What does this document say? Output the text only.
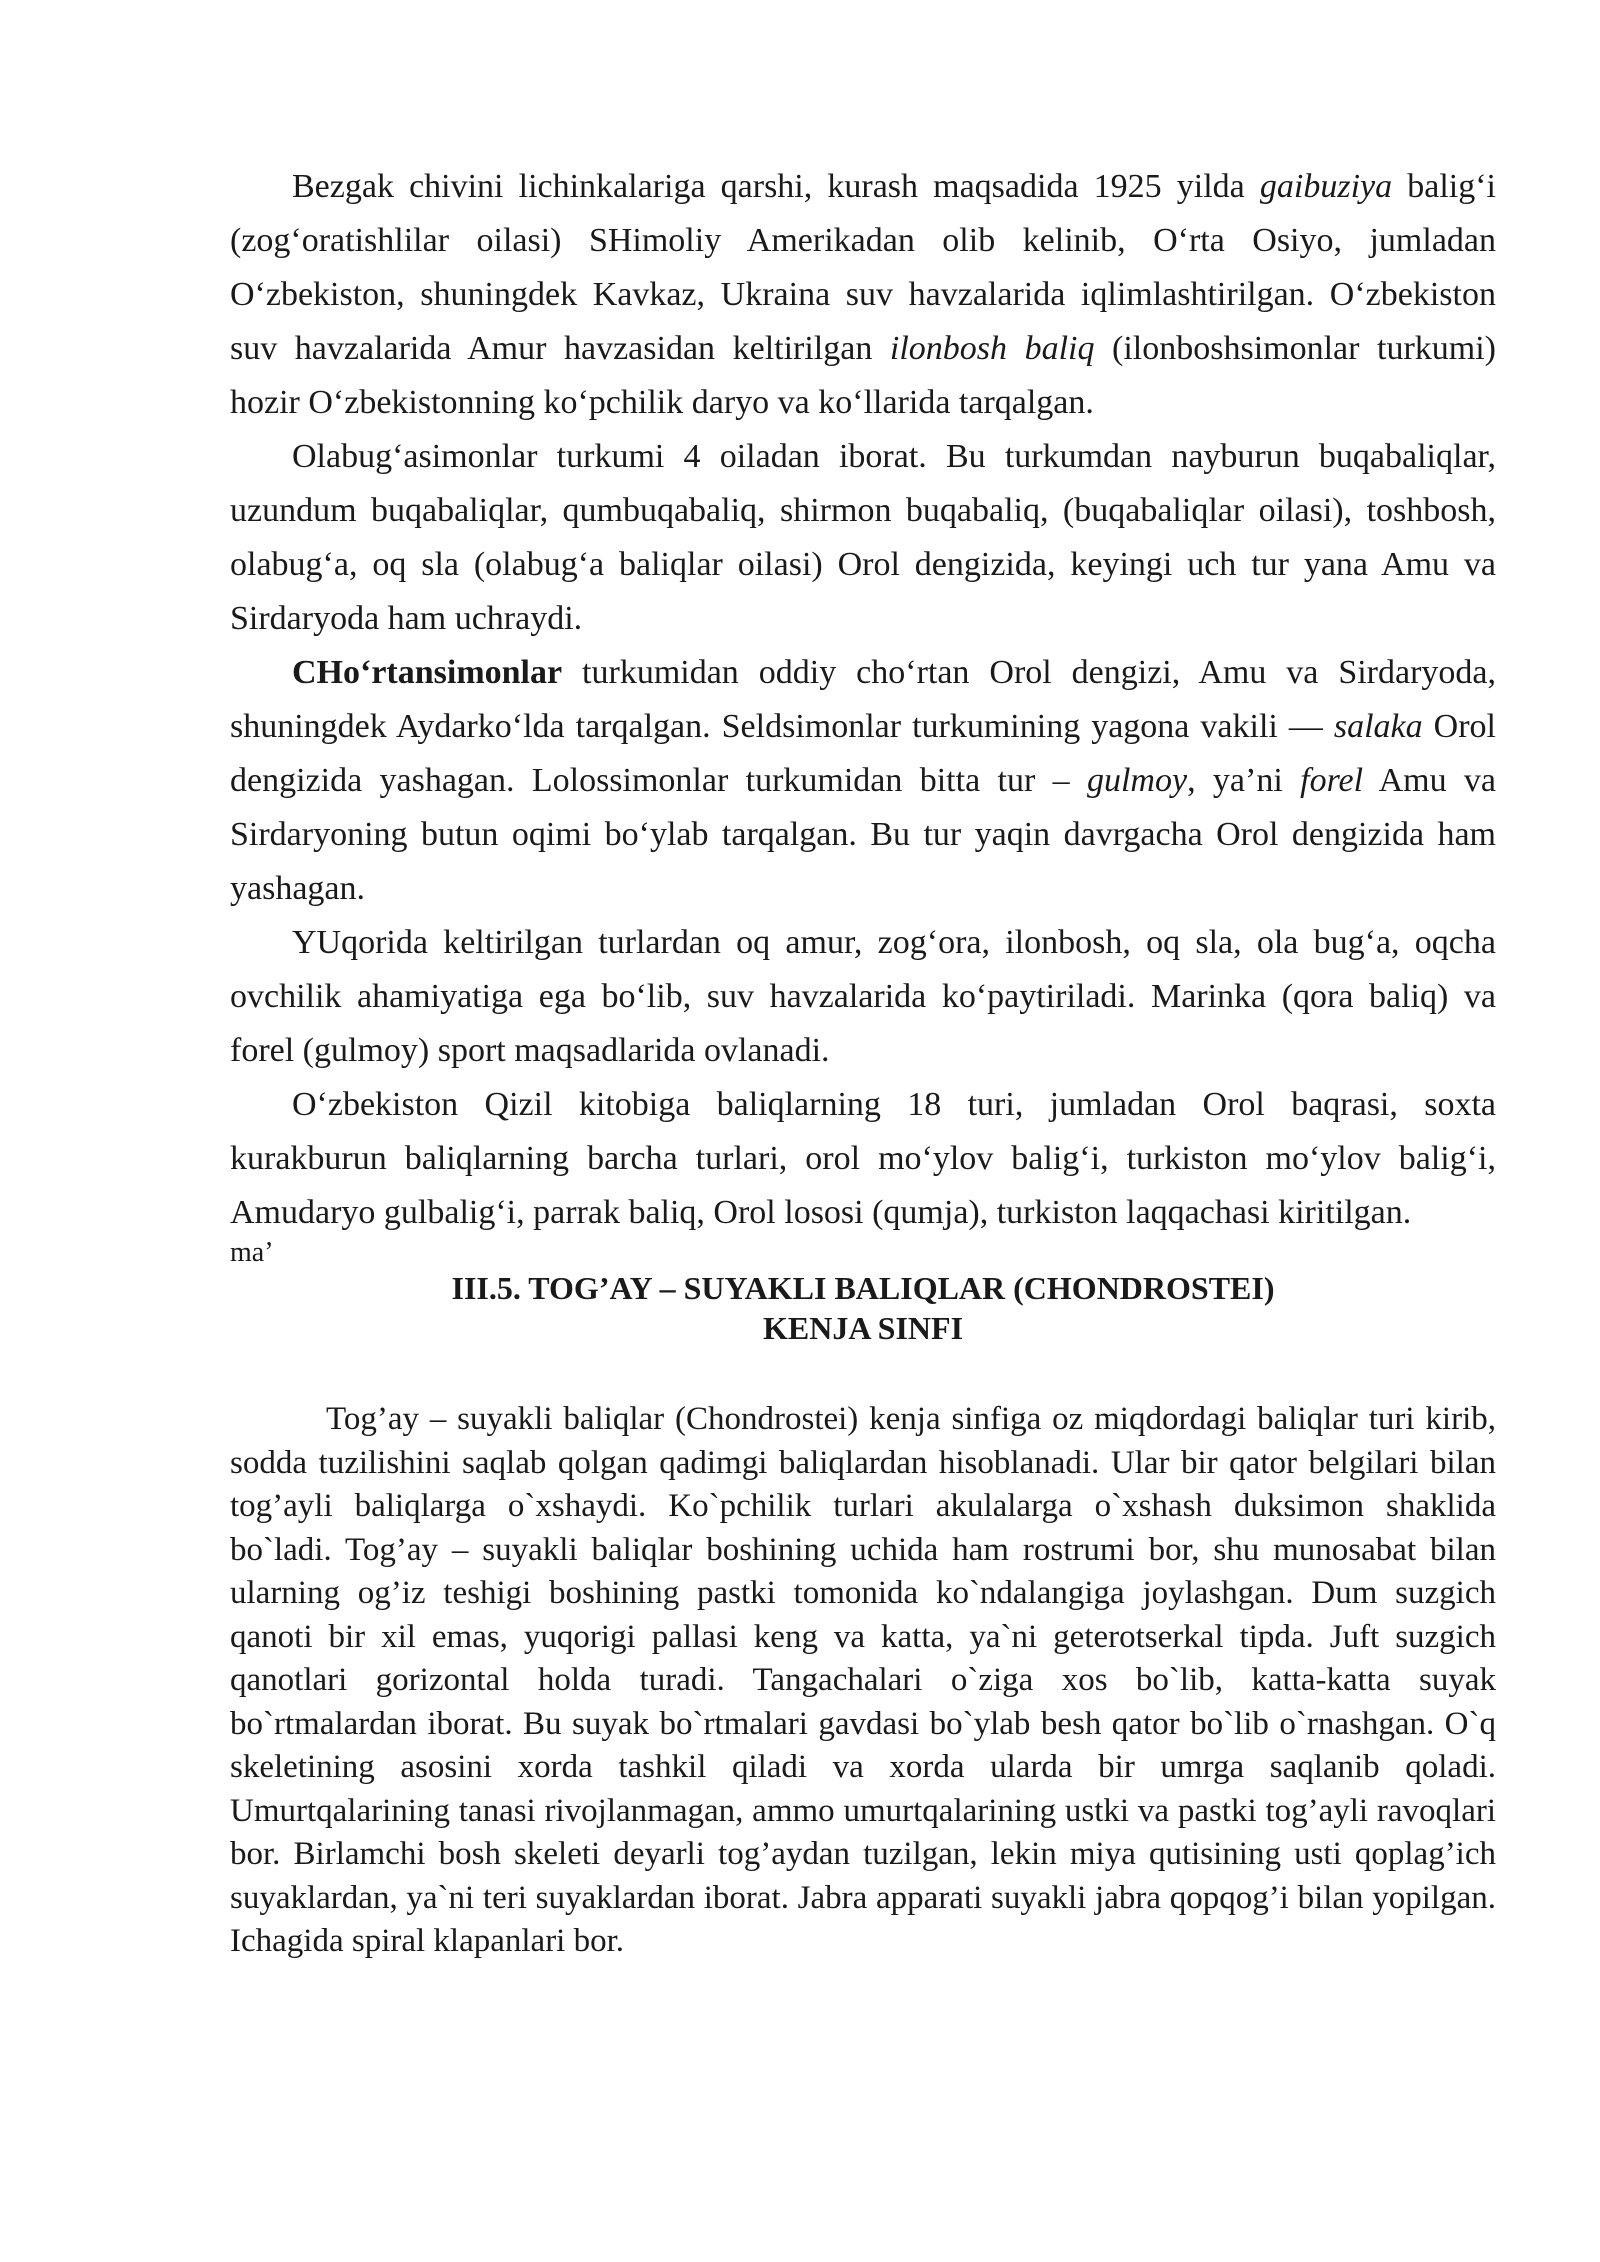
Bezgak chivini lichinkalariga qarshi, kurash maqsadida 1925 yilda gaibuziya balig‘i (zog‘oratishlilar oilasi) SHimoliy Amerikadan olib kelinib, O‘rta Osiyo, jumladan O‘zbekiston, shuningdek Kavkaz, Ukraina suv havzalarida iqlimlashtirilgan. O‘zbekiston suv havzalarida Amur havzasidan keltirilgan ilonbosh baliq (ilonboshsimonlar turkumi) hozir O‘zbekistonning ko‘pchilik daryo va ko‘llarida tarqalgan.

Olabug‘asimonlar turkumi 4 oiladan iborat. Bu turkumdan nayburun buqabaliqlar, uzundum buqabaliqlar, qumbuqabaliq, shirmon buqabaliq, (buqabaliqlar oilasi), toshbosh, olabug‘a, oq sla (olabug‘a baliqlar oilasi) Orol dengizida, keyingi uch tur yana Amu va Sirdaryoda ham uchraydi.

CHo‘rtansimonlar turkumidan oddiy cho‘rtan Orol dengizi, Amu va Sirdaryoda, shuningdek Aydarko‘lda tarqalgan. Seldsimonlar turkumining yagona vakili — salaka Orol dengizida yashagan. Lolossimonlar turkumidan bitta tur – gulmoy, ya’ni forel Amu va Sirdaryoning butun oqimi bo‘ylab tarqalgan. Bu tur yaqin davrgacha Orol dengizida ham yashagan.

YUqorida keltirilgan turlardan oq amur, zog‘ora, ilonbosh, oq sla, ola bug‘a, oqcha ovchilik ahamiyatiga ega bo‘lib, suv havzalarida ko‘paytiriladi. Marinka (qora baliq) va forel (gulmoy) sport maqsadlarida ovlanadi.

O‘zbekiston Qizil kitobiga baliqlarning 18 turi, jumladan Orol baqrasi, soxta kurakburun baliqlarning barcha turlari, orol mo‘ylov balig‘i, turkiston mo‘ylov balig‘i, Amudaryo gulbalig‘i, parrak baliq, Orol lososi (qumja), turkiston laqqachasi kiritilgan.

ma’
III.5. TOG’AY – SUYAKLI BALIQLAR (CHONDROSTEI)
KENJA SINFI

Tog’ay – suyakli baliqlar (Chondrostei) kenja sinfiga oz miqdordagi baliqlar turi kirib, sodda tuzilishini saqlab qolgan qadimgi baliqlardan hisoblanadi. Ular bir qator belgilari bilan tog’ayli baliqlarga o`xshaydi. Ko`pchilik turlari akulalarga o`xshash duksimon shaklida bo`ladi. Tog’ay – suyakli baliqlar boshining uchida ham rostrumi bor, shu munosabat bilan ularning og’iz teshigi boshining pastki tomonida ko`ndalangiga joylashgan. Dum suzgich qanoti bir xil emas, yuqorigi pallasi keng va katta, ya`ni geterotserkal tipda. Juft suzgich qanotlari gorizontal holda turadi. Tangachalari o`ziga xos bo`lib, katta-katta suyak bo`rtmalardan iborat. Bu suyak bo`rtmalari gavdasi bo`ylab besh qator bo`lib o`rnashgan. O`q skeletining asosini xorda tashkil qiladi va xorda ularda bir umrga saqlanib qoladi. Umurtqalarining tanasi rivojlanmagan, ammo umurtqalarining ustki va pastki tog’ayli ravoqlari bor. Birlamchi bosh skeleti deyarli tog’aydan tuzilgan, lekin miya qutisining usti qoplag’ich suyaklardan, ya`ni teri suyaklardan iborat. Jabra apparati suyakli jabra qopqog’i bilan yopilgan. Ichagida spiral klapanlari bor.
